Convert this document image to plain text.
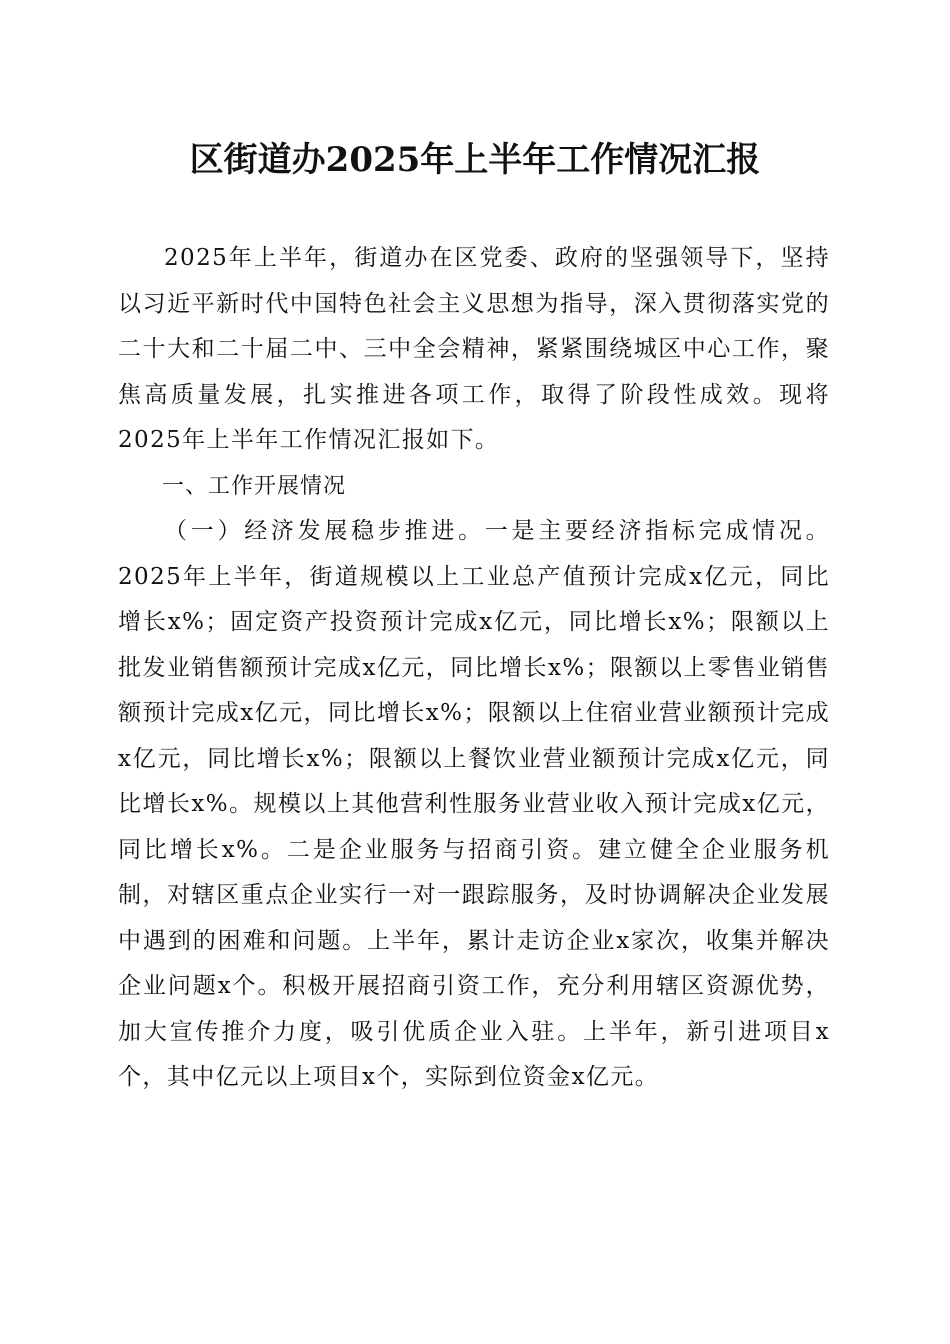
区街道办2025年上半年工作情况汇报

2025年上半年，街道办在区党委、政府的坚强领导下，坚持以习近平新时代中国特色社会主义思想为指导，深入贯彻落实党的二十大和二十届二中、三中全会精神，紧紧围绕城区中心工作，聚焦高质量发展，扎实推进各项工作，取得了阶段性成效。现将2025年上半年工作情况汇报如下。

一、工作开展情况

（一）经济发展稳步推进。一是主要经济指标完成情况。2025年上半年，街道规模以上工业总产值预计完成x亿元，同比增长x%；固定资产投资预计完成x亿元，同比增长x%；限额以上批发业销售额预计完成x亿元，同比增长x%；限额以上零售业销售额预计完成x亿元，同比增长x%；限额以上住宿业营业额预计完成x亿元，同比增长x%；限额以上餐饮业营业额预计完成x亿元，同比增长x%。规模以上其他营利性服务业营业收入预计完成x亿元，同比增长x%。二是企业服务与招商引资。建立健全企业服务机制，对辖区重点企业实行一对一跟踪服务，及时协调解决企业发展中遇到的困难和问题。上半年，累计走访企业x家次，收集并解决企业问题x个。积极开展招商引资工作，充分利用辖区资源优势，加大宣传推介力度，吸引优质企业入驻。上半年，新引进项目x个，其中亿元以上项目x个，实际到位资金x亿元。
